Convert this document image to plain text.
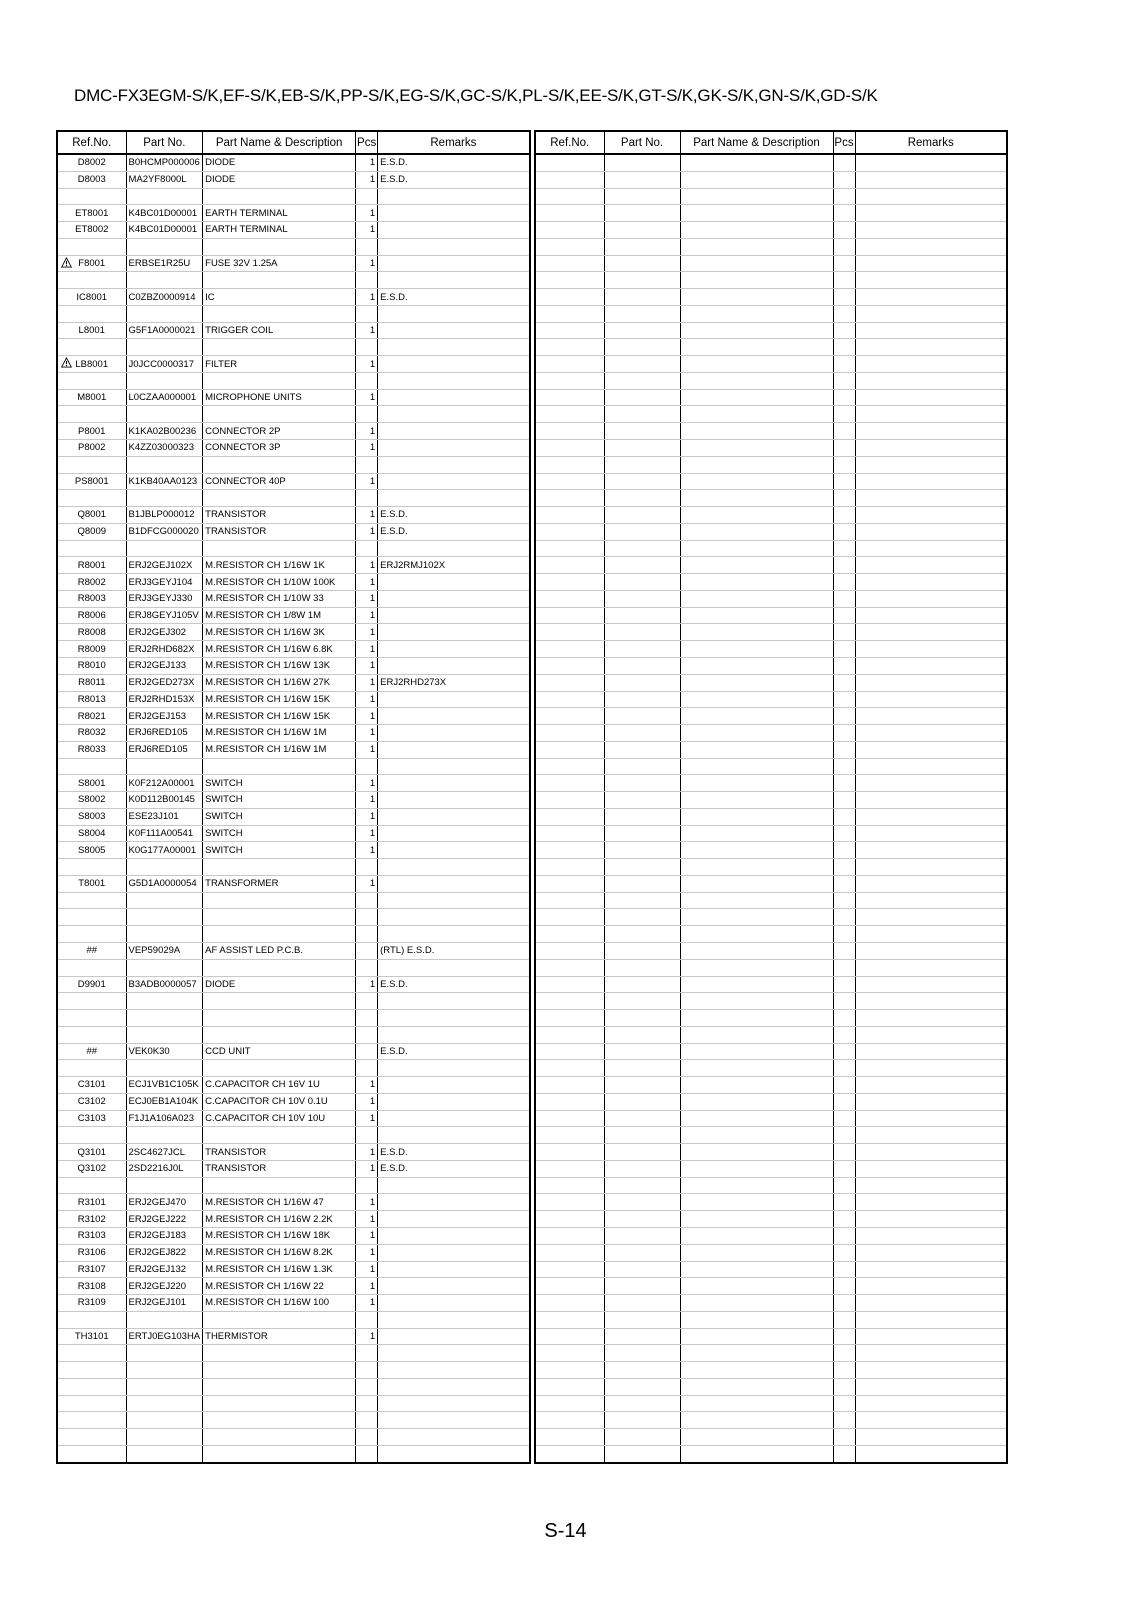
DMC-FX3EGM-S/K,EF-S/K,EB-S/K,PP-S/K,EG-S/K,GC-S/K,PL-S/K,EE-S/K,GT-S/K,GK-S/K,GN-S/K,GD-S/K
Ref.No.	Part No.	Part Name & Description	Pcs	Remarks
D8002	B0HCMP000006	DIODE	1	E.S.D.
D8003	MA2YF8000L	DIODE	1	E.S.D.

ET8001	K4BC01D00001	EARTH TERMINAL	1	
ET8002	K4BC01D00001	EARTH TERMINAL	1	

F8001	ERBSE1R25U	FUSE 32V 1.25A	1	

IC8001	C0ZBZ0000914	IC	1	E.S.D.

L8001	G5F1A0000021	TRIGGER COIL	1	

LB8001	J0JCC0000317	FILTER	1	

M8001	L0CZAA000001	MICROPHONE UNITS	1	

P8001	K1KA02B00236	CONNECTOR 2P	1	
P8002	K4ZZ03000323	CONNECTOR 3P	1	

PS8001	K1KB40AA0123	CONNECTOR 40P	1	

Q8001	B1JBLP000012	TRANSISTOR	1	E.S.D.
Q8009	B1DFCG000020	TRANSISTOR	1	E.S.D.

R8001	ERJ2GEJ102X	M.RESISTOR CH 1/16W 1K	1	ERJ2RMJ102X
R8002	ERJ3GEYJ104	M.RESISTOR CH 1/10W 100K	1	
R8003	ERJ3GEYJ330	M.RESISTOR CH 1/10W 33	1	
R8006	ERJ8GEYJ105V	M.RESISTOR CH 1/8W 1M	1	
R8008	ERJ2GEJ302	M.RESISTOR CH 1/16W 3K	1	
R8009	ERJ2RHD682X	M.RESISTOR CH 1/16W 6.8K	1	
R8010	ERJ2GEJ133	M.RESISTOR CH 1/16W 13K	1	
R8011	ERJ2GED273X	M.RESISTOR CH 1/16W 27K	1	ERJ2RHD273X
R8013	ERJ2RHD153X	M.RESISTOR CH 1/16W 15K	1	
R8021	ERJ2GEJ153	M.RESISTOR CH 1/16W 15K	1	
R8032	ERJ6RED105	M.RESISTOR CH 1/16W 1M	1	
R8033	ERJ6RED105	M.RESISTOR CH 1/16W 1M	1	

S8001	K0F212A00001	SWITCH	1	
S8002	K0D112B00145	SWITCH	1	
S8003	ESE23J101	SWITCH	1	
S8004	K0F111A00541	SWITCH	1	
S8005	K0G177A00001	SWITCH	1	

T8001	G5D1A0000054	TRANSFORMER	1	

##	VEP59029A	AF ASSIST LED P.C.B.		(RTL) E.S.D.

D9901	B3ADB0000057	DIODE	1	E.S.D.

##	VEK0K30	CCD UNIT		E.S.D.

C3101	ECJ1VB1C105K	C.CAPACITOR CH 16V 1U	1	
C3102	ECJ0EB1A104K	C.CAPACITOR CH 10V 0.1U	1	
C3103	F1J1A106A023	C.CAPACITOR CH 10V 10U	1	

Q3101	2SC4627JCL	TRANSISTOR	1	E.S.D.
Q3102	2SD2216J0L	TRANSISTOR	1	E.S.D.

R3101	ERJ2GEJ470	M.RESISTOR CH 1/16W 47	1	
R3102	ERJ2GEJ222	M.RESISTOR CH 1/16W 2.2K	1	
R3103	ERJ2GEJ183	M.RESISTOR CH 1/16W 18K	1	
R3106	ERJ2GEJ822	M.RESISTOR CH 1/16W 8.2K	1	
R3107	ERJ2GEJ132	M.RESISTOR CH 1/16W 1.3K	1	
R3108	ERJ2GEJ220	M.RESISTOR CH 1/16W 22	1	
R3109	ERJ2GEJ101	M.RESISTOR CH 1/16W 100	1	

TH3101	ERTJ0EG103HA	THERMISTOR	1	

Ref.No.	Part No.	Part Name & Description	Pcs	Remarks

S-14
